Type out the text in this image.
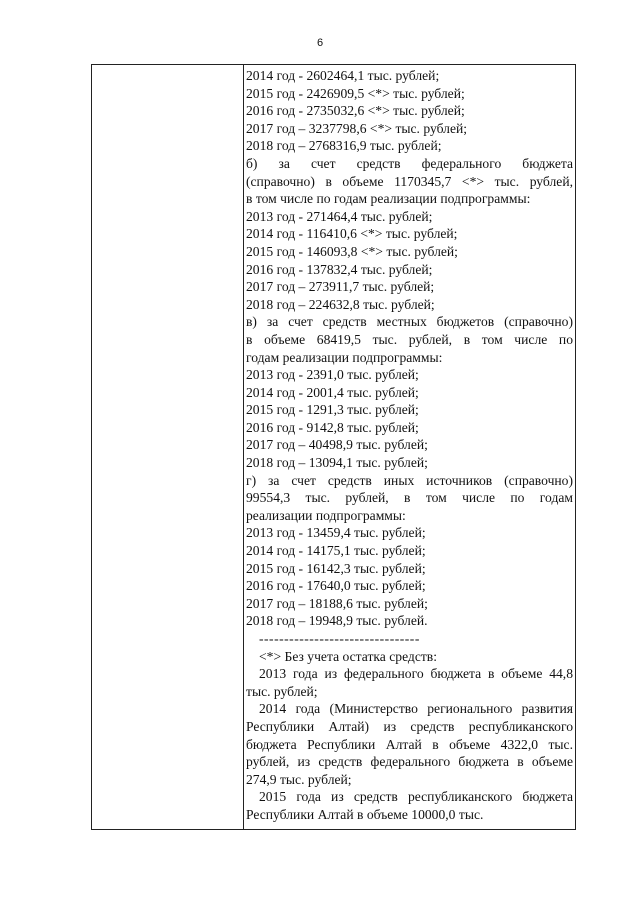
6
2014 год - 2602464,1 тыс. рублей;
2015 год - 2426909,5 <*> тыс. рублей;
2016 год - 2735032,6 <*> тыс. рублей;
2017 год – 3237798,6 <*> тыс. рублей;
2018 год – 2768316,9 тыс. рублей;
б) за счет средств федерального бюджета
(справочно) в объеме 1170345,7 <*> тыс. рублей,
в том числе по годам реализации подпрограммы:
2013 год - 271464,4 тыс. рублей;
2014 год - 116410,6 <*> тыс. рублей;
2015 год - 146093,8 <*> тыс. рублей;
2016 год - 137832,4 тыс. рублей;
2017 год – 273911,7 тыс. рублей;
2018 год – 224632,8 тыс. рублей;
в) за счет средств местных бюджетов (справочно)
в объеме 68419,5 тыс. рублей, в том числе по
годам реализации подпрограммы:
2013 год - 2391,0 тыс. рублей;
2014 год - 2001,4 тыс. рублей;
2015 год - 1291,3 тыс. рублей;
2016 год - 9142,8 тыс. рублей;
2017 год – 40498,9 тыс. рублей;
2018 год – 13094,1 тыс. рублей;
г) за счет средств иных источников (справочно)
99554,3 тыс. рублей, в том числе по годам
реализации подпрограммы:
2013 год - 13459,4 тыс. рублей;
2014 год - 14175,1 тыс. рублей;
2015 год - 16142,3 тыс. рублей;
2016 год - 17640,0 тыс. рублей;
2017 год – 18188,6 тыс. рублей;
2018 год – 19948,9 тыс. рублей.
--------------------------------
<*> Без учета остатка средств:
2013 года из федерального бюджета в объеме 44,8 тыс. рублей;
2014 года (Министерство регионального развития Республики Алтай) из средств республиканского бюджета Республики Алтай в объеме 4322,0 тыс. рублей, из средств федерального бюджета в объеме 274,9 тыс. рублей;
2015 года из средств республиканского бюджета Республики Алтай в объеме 10000,0 тыс.
